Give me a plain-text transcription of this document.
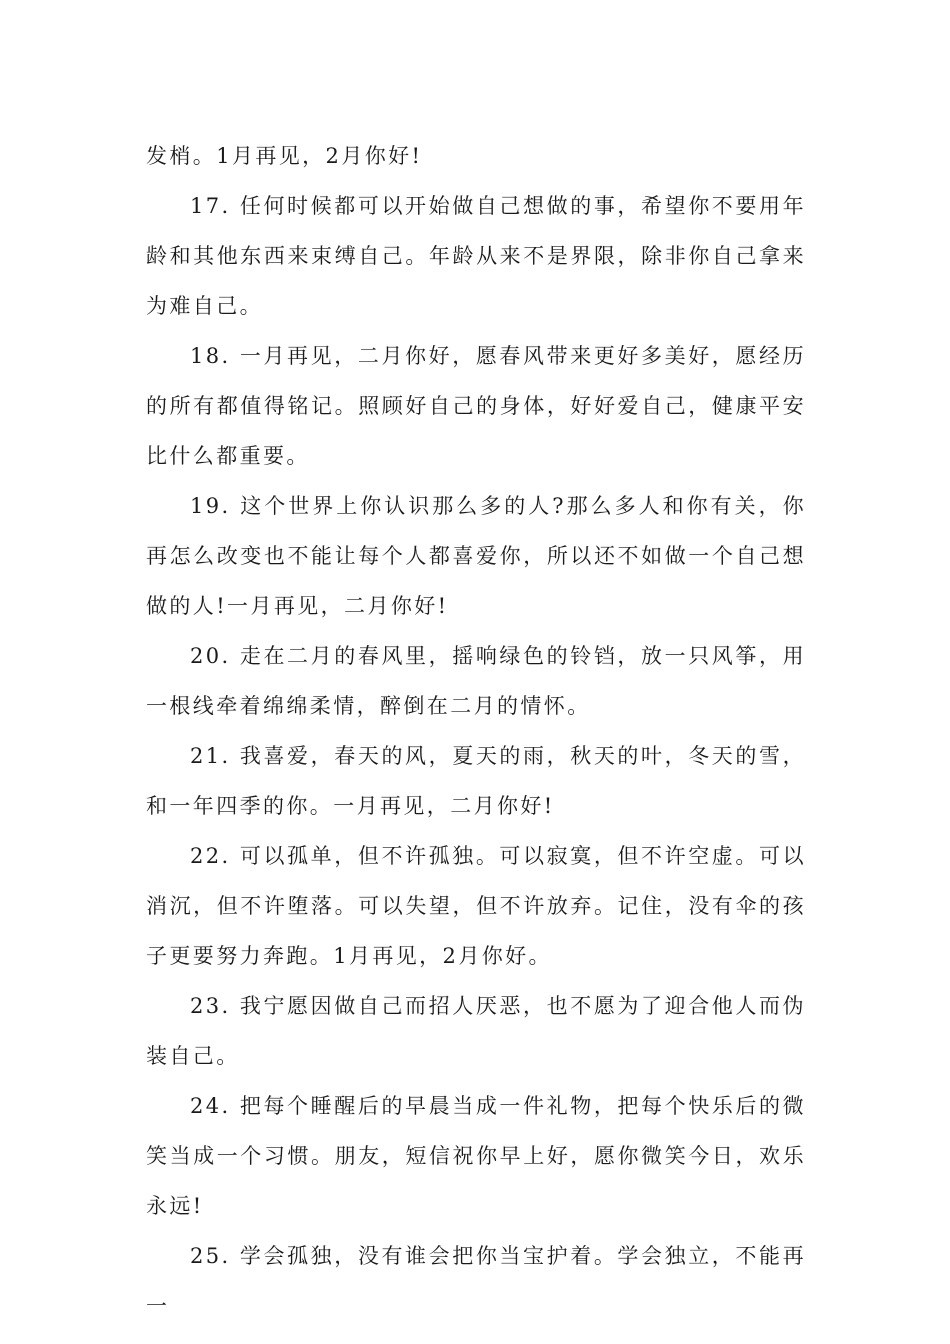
发梢。1月再见，2月你好!

17. 任何时候都可以开始做自己想做的事，希望你不要用年龄和其他东西来束缚自己。年龄从来不是界限，除非你自己拿来为难自己。

18. 一月再见，二月你好，愿春风带来更好多美好，愿经历的所有都值得铭记。照顾好自己的身体，好好爱自己，健康平安比什么都重要。

19. 这个世界上你认识那么多的人?那么多人和你有关，你再怎么改变也不能让每个人都喜爱你，所以还不如做一个自己想做的人!一月再见，二月你好!

20. 走在二月的春风里，摇响绿色的铃铛，放一只风筝，用一根线牵着绵绵柔情，醉倒在二月的情怀。

21. 我喜爱，春天的风，夏天的雨，秋天的叶，冬天的雪，和一年四季的你。一月再见，二月你好!

22. 可以孤单，但不许孤独。可以寂寞，但不许空虚。可以消沉，但不许堕落。可以失望，但不许放弃。记住，没有伞的孩子更要努力奔跑。1月再见，2月你好。

23. 我宁愿因做自己而招人厌恶，也不愿为了迎合他人而伪装自己。

24. 把每个睡醒后的早晨当成一件礼物，把每个快乐后的微笑当成一个习惯。朋友，短信祝你早上好，愿你微笑今日，欢乐永远!

25. 学会孤独，没有谁会把你当宝护着。学会独立，不能再一
